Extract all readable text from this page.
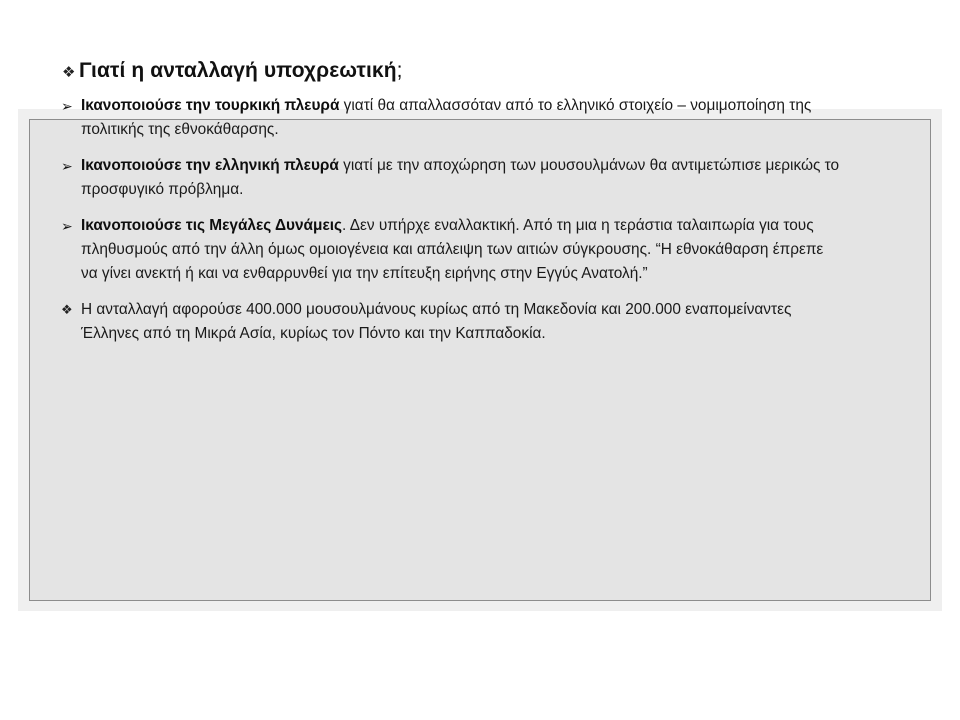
❖ Γιατί η ανταλλαγή υποχρεωτική;
➢ Ικανοποιούσε την τουρκική πλευρά γιατί θα απαλλασσόταν από το ελληνικό στοιχείο – νομιμοποίηση της πολιτικής της εθνοκάθαρσης.
➢ Ικανοποιούσε την ελληνική πλευρά γιατί με την αποχώρηση των μουσουλμάνων θα αντιμετώπισε μερικώς το προσφυγικό πρόβλημα.
➢ Ικανοποιούσε τις Μεγάλες Δυνάμεις. Δεν υπήρχε εναλλακτική. Από τη μια η τεράστια ταλαιπωρία για τους πληθυσμούς από την άλλη όμως ομοιογένεια και απάλειψη των αιτιών σύγκρουσης. “Η εθνοκάθαρση έπρεπε να γίνει ανεκτή ή και να ενθαρρυνθεί για την επίτευξη ειρήνης στην Εγγύς Ανατολή.”
❖ Η ανταλλαγή αφορούσε 400.000 μουσουλμάνους κυρίως από τη Μακεδονία και 200.000 εναπομείναντες Έλληνες από τη Μικρά Ασία, κυρίως τον Πόντο και την Καππαδοκία.
